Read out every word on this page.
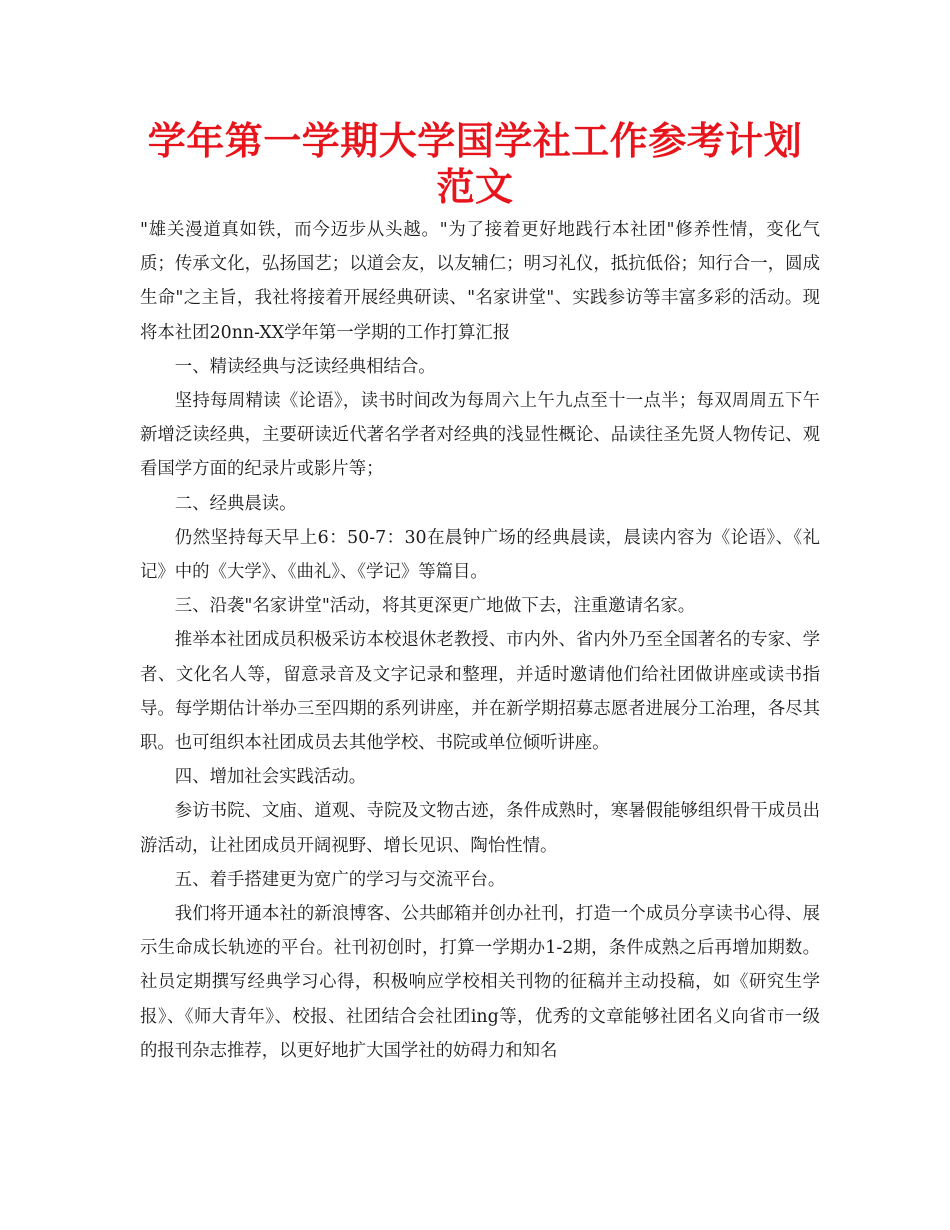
学年第一学期大学国学社工作参考计划范文

"雄关漫道真如铁，而今迈步从头越。"为了接着更好地践行本社团"修养性情，变化气质；传承文化，弘扬国艺；以道会友，以友辅仁；明习礼仪，抵抗低俗；知行合一，圆成生命"之主旨，我社将接着开展经典研读、"名家讲堂"、实践参访等丰富多彩的活动。现将本社团20nn-XX学年第一学期的工作打算汇报

一、精读经典与泛读经典相结合。

坚持每周精读《论语》，读书时间改为每周六上午九点至十一点半；每双周周五下午新增泛读经典，主要研读近代著名学者对经典的浅显性概论、品读往圣先贤人物传记、观看国学方面的纪录片或影片等；

二、经典晨读。

仍然坚持每天早上6：50-7：30在晨钟广场的经典晨读，晨读内容为《论语》、《礼记》中的《大学》、《曲礼》、《学记》等篇目。

三、沿袭"名家讲堂"活动，将其更深更广地做下去，注重邀请名家。

推举本社团成员积极采访本校退休老教授、市内外、省内外乃至全国著名的专家、学者、文化名人等，留意录音及文字记录和整理，并适时邀请他们给社团做讲座或读书指导。每学期估计举办三至四期的系列讲座，并在新学期招募志愿者进展分工治理，各尽其职。也可组织本社团成员去其他学校、书院或单位倾听讲座。

四、增加社会实践活动。

参访书院、文庙、道观、寺院及文物古迹，条件成熟时，寒暑假能够组织骨干成员出游活动，让社团成员开阔视野、增长见识、陶怡性情。

五、着手搭建更为宽广的学习与交流平台。

我们将开通本社的新浪博客、公共邮箱并创办社刊，打造一个成员分享读书心得、展示生命成长轨迹的平台。社刊初创时，打算一学期办1-2期，条件成熟之后再增加期数。社员定期撰写经典学习心得，积极响应学校相关刊物的征稿并主动投稿，如《研究生学报》、《师大青年》、校报、社团结合会社团ing等，优秀的文章能够社团名义向省市一级的报刊杂志推荐，以更好地扩大国学社的妨碍力和知名
